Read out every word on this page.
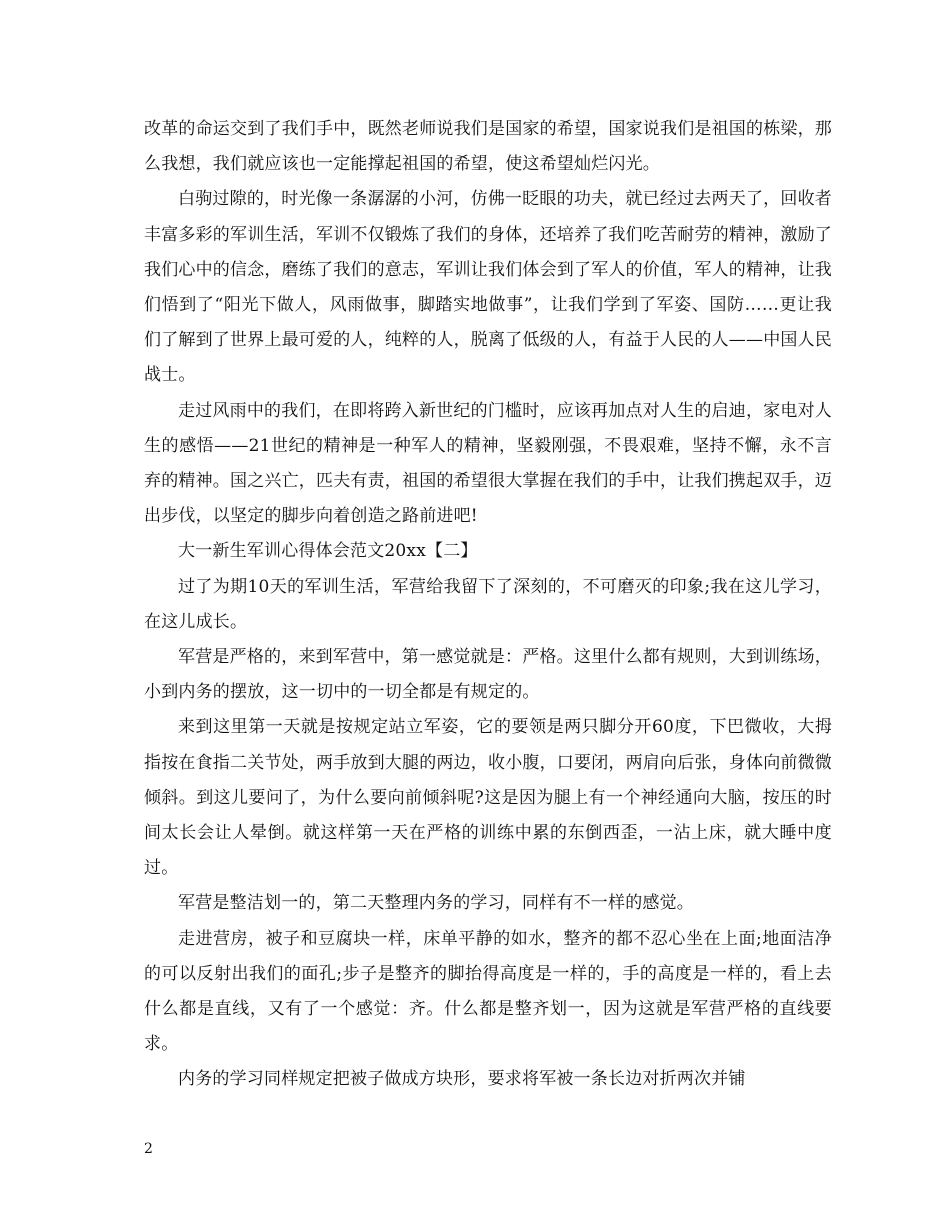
改革的命运交到了我们手中，既然老师说我们是国家的希望，国家说我们是祖国的栋梁，那么我想，我们就应该也一定能撑起祖国的希望，使这希望灿烂闪光。

白驹过隙的，时光像一条潺潺的小河，仿佛一眨眼的功夫，就已经过去两天了，回收者丰富多彩的军训生活，军训不仅锻炼了我们的身体，还培养了我们吃苦耐劳的精神，激励了我们心中的信念，磨练了我们的意志，军训让我们体会到了军人的价值，军人的精神，让我们悟到了“阳光下做人，风雨做事，脚踏实地做事”，让我们学到了军姿、国防……更让我们了解到了世界上最可爱的人，纯粹的人，脱离了低级的人，有益于人民的人——中国人民战士。

走过风雨中的我们，在即将跨入新世纪的门槛时，应该再加点对人生的启迪，家电对人生的感悟——21世纪的精神是一种军人的精神，坚毅刚强，不畏艰难，坚持不懈，永不言弃的精神。国之兴亡，匹夫有责，祖国的希望很大掌握在我们的手中，让我们携起双手，迈出步伐，以坚定的脚步向着创造之路前进吧!

大一新生军训心得体会范文20xx【二】

过了为期10天的军训生活，军营给我留下了深刻的，不可磨灭的印象;我在这儿学习，在这儿成长。

军营是严格的，来到军营中，第一感觉就是：严格。这里什么都有规则，大到训练场，小到内务的摆放，这一切中的一切全都是有规定的。

来到这里第一天就是按规定站立军姿，它的要领是两只脚分开60度，下巴微收，大拇指按在食指二关节处，两手放到大腿的两边，收小腹，口要闭，两肩向后张，身体向前微微倾斜。到这儿要问了，为什么要向前倾斜呢?这是因为腿上有一个神经通向大脑，按压的时间太长会让人晕倒。就这样第一天在严格的训练中累的东倒西歪，一沾上床，就大睡中度过。

军营是整洁划一的，第二天整理内务的学习，同样有不一样的感觉。

走进营房，被子和豆腐块一样，床单平静的如水，整齐的都不忍心坐在上面;地面洁净的可以反射出我们的面孔;步子是整齐的脚抬得高度是一样的，手的高度是一样的，看上去什么都是直线，又有了一个感觉：齐。什么都是整齐划一，因为这就是军营严格的直线要求。

内务的学习同样规定把被子做成方块形，要求将军被一条长边对折两次并铺

2
